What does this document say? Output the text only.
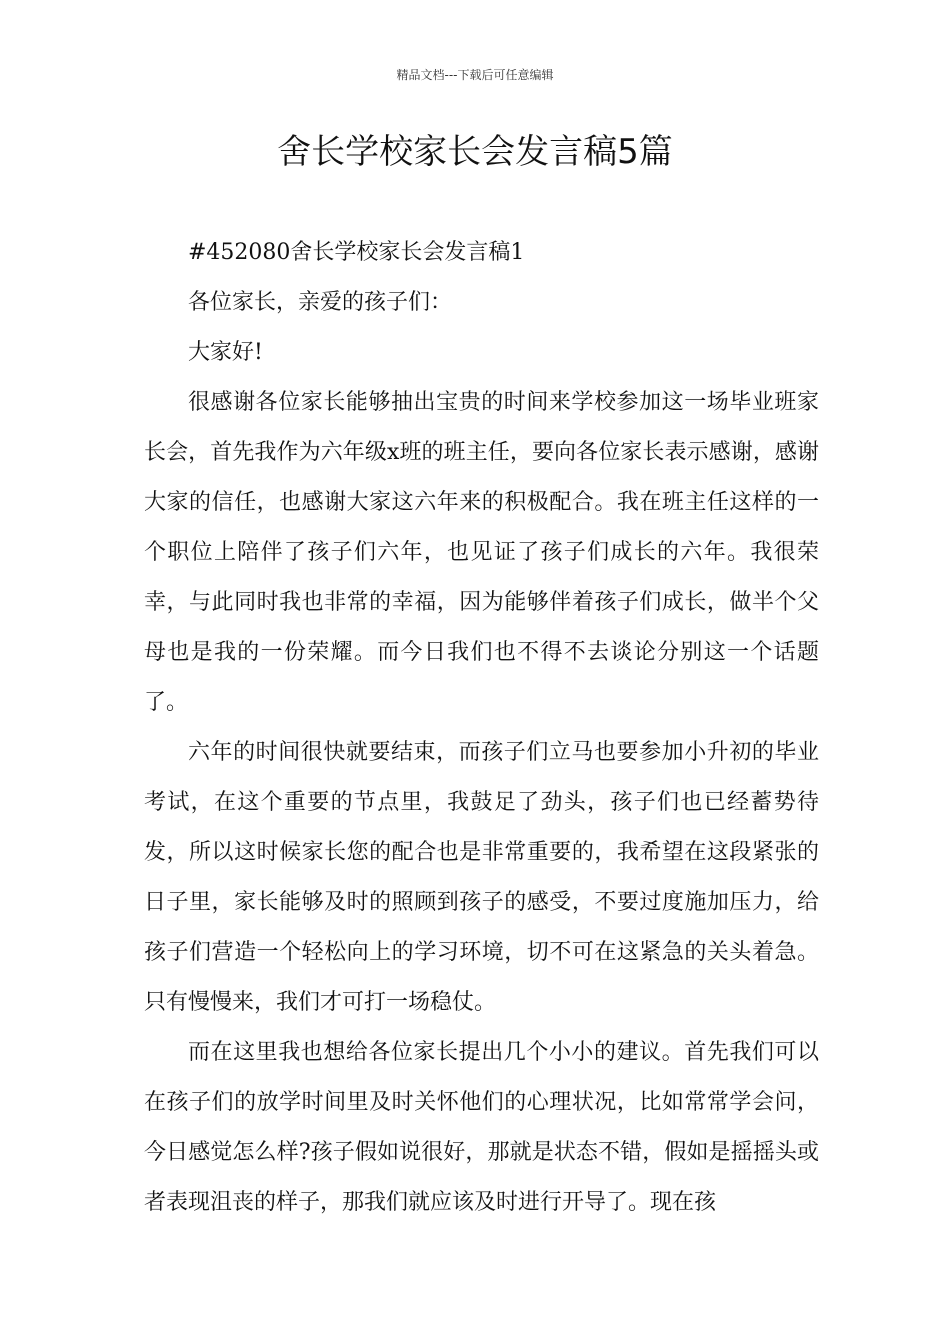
精品文档---下载后可任意编辑
舍长学校家长会发言稿5篇

#452080舍长学校家长会发言稿1

各位家长，亲爱的孩子们：

大家好!

很感谢各位家长能够抽出宝贵的时间来学校参加这一场毕业班家长会，首先我作为六年级x班的班主任，要向各位家长表示感谢，感谢大家的信任，也感谢大家这六年来的积极配合。我在班主任这样的一个职位上陪伴了孩子们六年，也见证了孩子们成长的六年。我很荣幸，与此同时我也非常的幸福，因为能够伴着孩子们成长，做半个父母也是我的一份荣耀。而今日我们也不得不去谈论分别这一个话题了。

六年的时间很快就要结束，而孩子们立马也要参加小升初的毕业考试，在这个重要的节点里，我鼓足了劲头，孩子们也已经蓄势待发，所以这时候家长您的配合也是非常重要的，我希望在这段紧张的日子里，家长能够及时的照顾到孩子的感受，不要过度施加压力，给孩子们营造一个轻松向上的学习环境，切不可在这紧急的关头着急。只有慢慢来，我们才可打一场稳仗。

而在这里我也想给各位家长提出几个小小的建议。首先我们可以在孩子们的放学时间里及时关怀他们的心理状况，比如常常学会问，今日感觉怎么样?孩子假如说很好，那就是状态不错，假如是摇摇头或者表现沮丧的样子，那我们就应该及时进行开导了。现在孩
